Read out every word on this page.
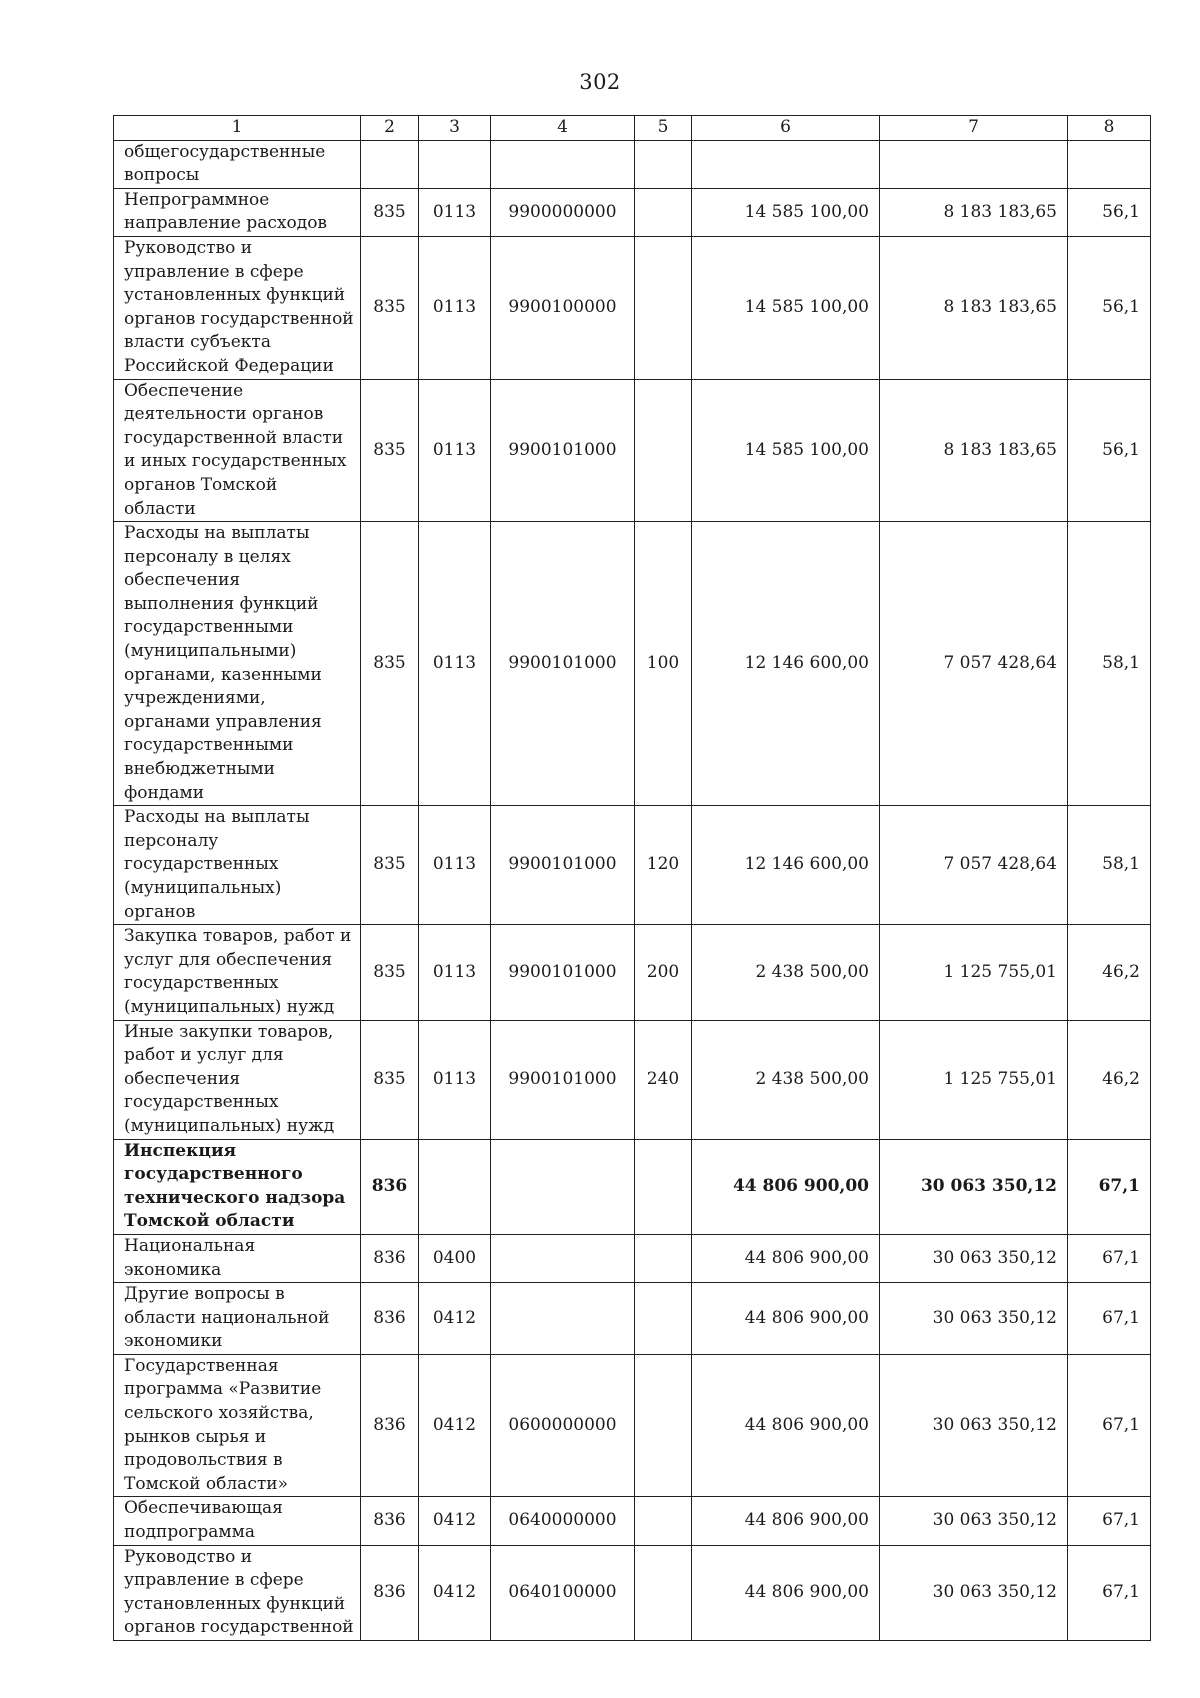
302
1	2	3	4	5	6	7	8
общегосударственные вопросы							
Непрограммное направление расходов	835	0113	9900000000		14 585 100,00	8 183 183,65	56,1
Руководство и управление в сфере установленных функций органов государственной власти субъекта Российской Федерации	835	0113	9900100000		14 585 100,00	8 183 183,65	56,1
Обеспечение деятельности органов государственной власти и иных государственных органов Томской области	835	0113	9900101000		14 585 100,00	8 183 183,65	56,1
Расходы на выплаты персоналу в целях обеспечения выполнения функций государственными (муниципальными) органами, казенными учреждениями, органами управления государственными внебюджетными фондами	835	0113	9900101000	100	12 146 600,00	7 057 428,64	58,1
Расходы на выплаты персоналу государственных (муниципальных) органов	835	0113	9900101000	120	12 146 600,00	7 057 428,64	58,1
Закупка товаров, работ и услуг для обеспечения государственных (муниципальных) нужд	835	0113	9900101000	200	2 438 500,00	1 125 755,01	46,2
Иные закупки товаров, работ и услуг для обеспечения государственных (муниципальных) нужд	835	0113	9900101000	240	2 438 500,00	1 125 755,01	46,2
Инспекция государственного технического надзора Томской области	836				44 806 900,00	30 063 350,12	67,1
Национальная экономика	836	0400			44 806 900,00	30 063 350,12	67,1
Другие вопросы в области национальной экономики	836	0412			44 806 900,00	30 063 350,12	67,1
Государственная программа «Развитие сельского хозяйства, рынков сырья и продовольствия в Томской области»	836	0412	0600000000		44 806 900,00	30 063 350,12	67,1
Обеспечивающая подпрограмма	836	0412	0640000000		44 806 900,00	30 063 350,12	67,1
Руководство и управление в сфере установленных функций органов государственной	836	0412	0640100000		44 806 900,00	30 063 350,12	67,1
